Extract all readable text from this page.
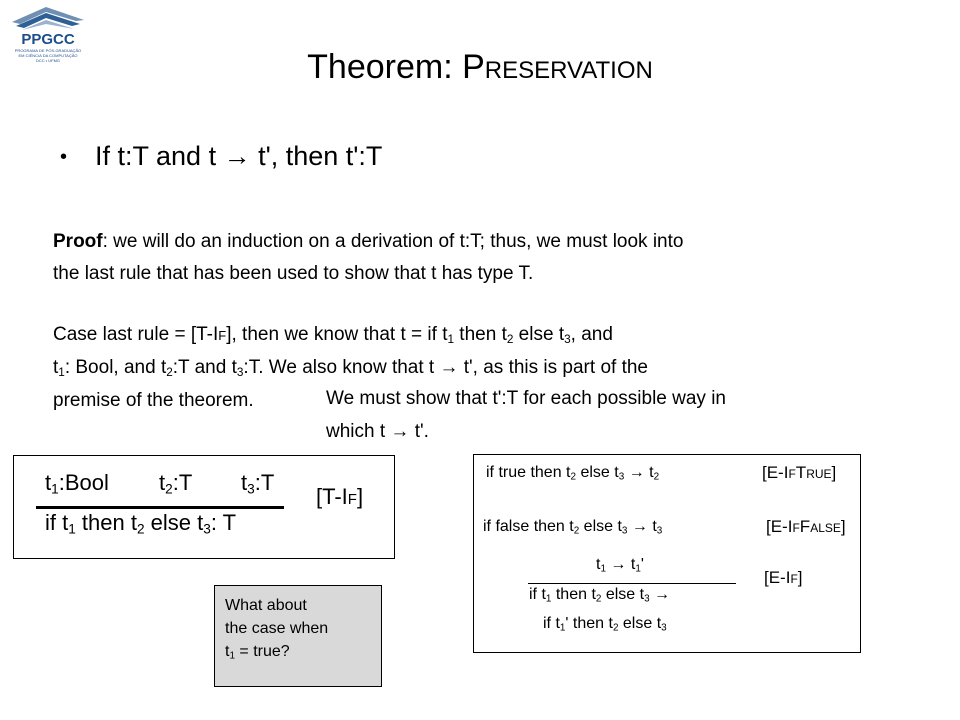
PPGCC
PROGRAMA DE PÓS-GRADUAÇÃO
EM CIÊNCIA DA COMPUTAÇÃO
DCC • UFMG	Theorem: Preservation
• If t:T and t → t', then t':T
Proof: we will do an induction on a derivation of t:T; thus, we must look into
the last rule that has been used to show that t has type T.
Case last rule = [T-If], then we know that t = if $t_1$ then $t_2$ else $t_3$, and
$t_1$: Bool, and $t_2:T$ and $t_3:T$. We also know that t → t', as this is part of the
premise of the theorem.	We must show that t':T for each possible way in
which t → t'.
$t_1:Bool$ $t_2:T$ $t_3:T$
if $t_1$ then $t_2$ else $t_3$: T
[T-If]
What about
the case when
$t_1$ = true?
if true then $t_2$ else $t_3 \to t_2$	[E-IfTrue]
if false then $t_2$ else $t_3 \to t_3$	[E-IfFalse]
$t_1 \to t_1'$
if $t_1$ then $t_2$ else $t_3$ →
if $t_1'$ then $t_2$ else $t_3$
[E-If]
